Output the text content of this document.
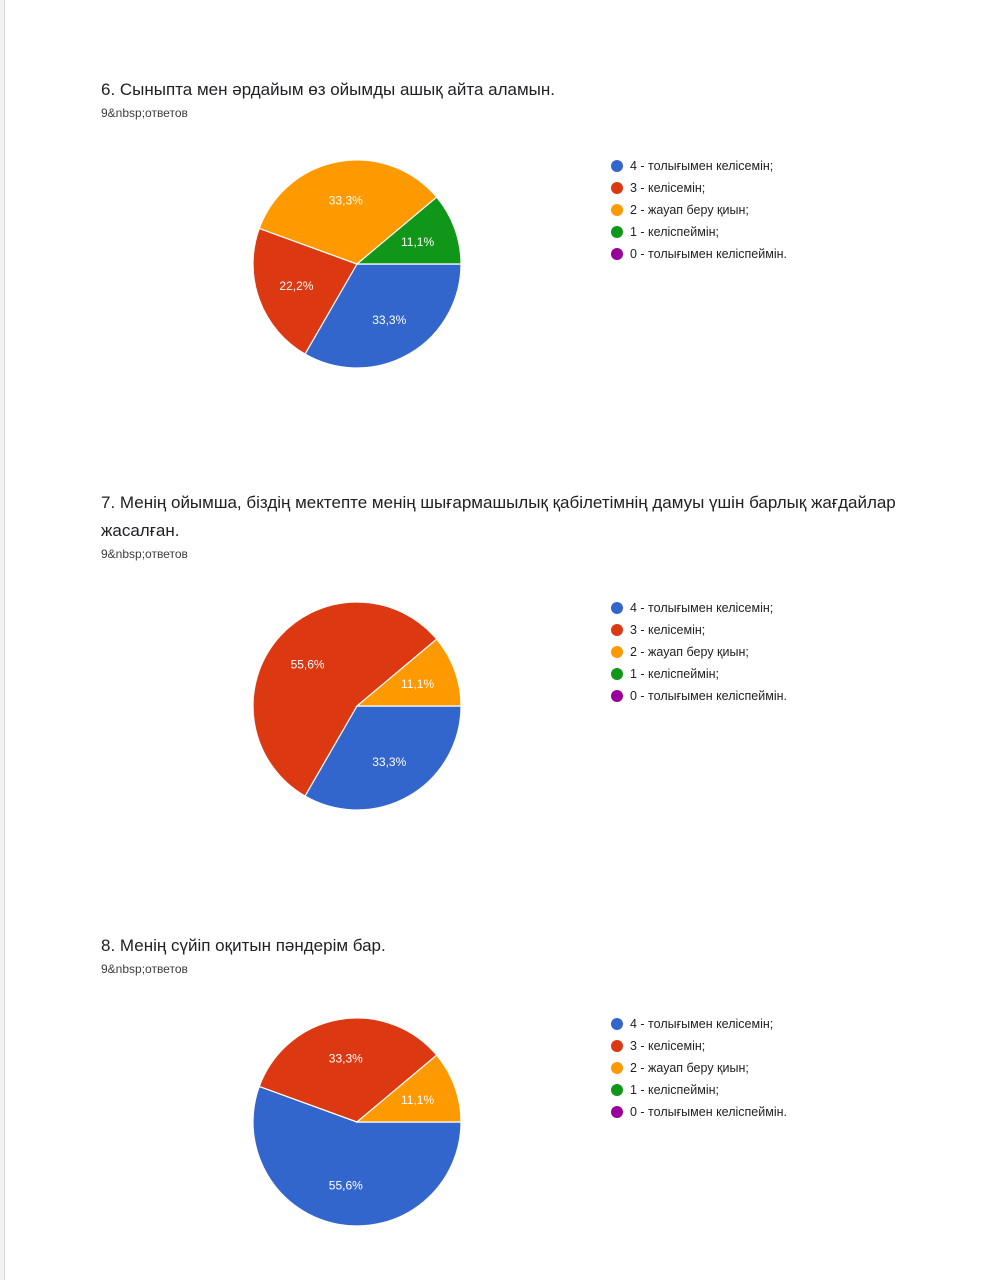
6. Сыныпта мен әрдайым өз ойымды ашық айта аламын.

9&nbsp;ответов
33,3%
22,2%
33,3%
11,1%
4 - толығымен келісемін;
3 - келісемін;
2 - жауап беру қиын;
1 - келіспеймін;
0 - толығымен келіспеймін.

7. Менің ойымша, біздің мектепте менің шығармашылық қабілетімнің дамуы үшін барлық жағдайлар жасалған.

9&nbsp;ответов
33,3%
55,6%
11,1%
4 - толығымен келісемін;
3 - келісемін;
2 - жауап беру қиын;
1 - келіспеймін;
0 - толығымен келіспеймін.

8. Менің сүйіп оқитын пәндерім бар.

9&nbsp;ответов
55,6%
33,3%
11,1%
4 - толығымен келісемін;
3 - келісемін;
2 - жауап беру қиын;
1 - келіспеймін;
0 - толығымен келіспеймін.
